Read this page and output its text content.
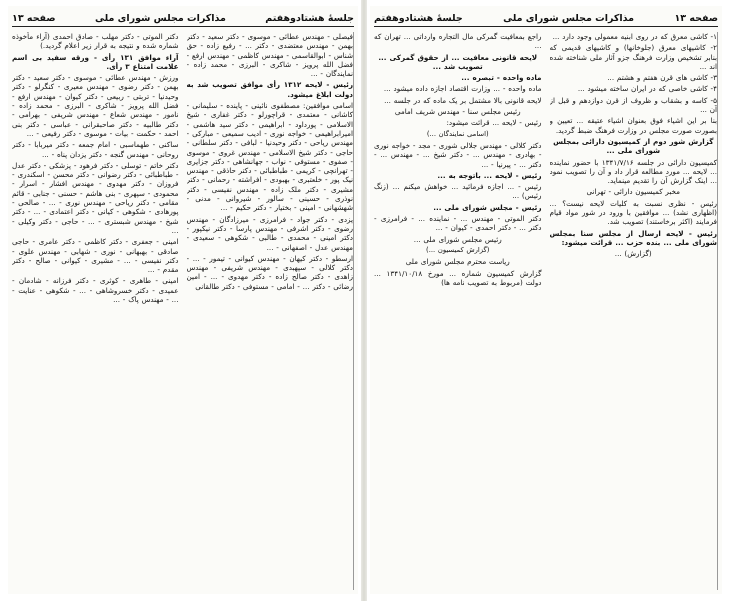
جلسهٔ هشتادوهفتم
مذاکرات مجلس شورای ملی
صفحه ۱۳

فیصلی - مهندس عطائی - موسوی - دکتر سعید - دکتر بهمن - مهندس معتضدی - دکتر ... - رفیع زاده - حق شناس - ابوالقاسمی - مهندس کاظمی - مهندس ارفع - فضل الله پرویز - شاکری - البرزی - محمد زاده - نمایندگان - ...

رئیس - لایحه ۱۳۱۲ رأی موافق تصویب شد به دولت ابلاغ میشود.

اسامی موافقین: مصطفوی نائینی - پاینده - سلیمانی - کاشانی - معتمدی - قراچورلو - دکتر غفاری - شیخ الاسلامی - پورداود - ابراهیمی - دکتر سید هاشمی - امیرابراهیمی - خواجه نوری - ادیب سمیعی - مبارکی - مهندس ریاحی - دکتر وحیدنیا - لبافی - دکتر سلطانی - حاجی - دکتر شیخ الاسلامی - مهندس غروی - موسوی - صفوی - مستوفی - نواب - جهانشاهی - دکتر جزایری - تهرانچی - کریمی - طباطبائی - دکتر حاذقی - مهندس نیک پور - خلعتبری - بهبودی - افراشته - رحمانی - دکتر مشیری - دکتر ملک زاده - مهندس نفیسی - دکتر نوذری - حسینی - سالور - شیروانی - مدنی - شهشهانی - امینی - بختیار - دکتر حکیم - ...

یزدی - دکتر جواد - فرامرزی - میرزادگان - مهندس رضوی - دکتر اشرفی - مهندس پارسا - دکتر نیکپور - دکتر امینی - محمدی - طالبی - شکوهی - سعیدی - مهندس عدل - اصفهانی - ...

ارسطو - دکتر کیهان - مهندس کیوانی - تیمور - ... - دکتر کلالی - سپهبدی - مهندس شریفی - مهندس زاهدی - دکتر صالح زاده - دکتر مهدوی - ... - امین رضائی - دکتر ... - امامی - مستوفی - دکتر طالقانی

دکتر الموتی - دکتر مهلب - صادق احمدی (آراء مأخوذه شماره شده و نتیجه به قرار زیر اعلام گردید.)

آراء موافق ۱۳۱ رأی - ورقه سفید بی اسم علامت امتناع ۳ رأی.

ورزش - مهندس عطائی - موسوی - دکتر سعید - دکتر بهمن - دکتر رضوی - مهندس معیری - کنگرلو - دکتر وحیدنیا - تربتی - ربیعی - دکتر کیوان - مهندس ارفع - فضل الله پرویز - شاکری - البرزی - محمد زاده - نامور - مهندس شعاع - مهندس شریفی - بهرامی - دکتر طالبیه - دکتر صاحبقرانی - عباسی - دکتر بنی احمد - حکمت - بیات - موسوی - دکتر رفیعی - ...

ساکنی - طهماسبی - امام جمعه - دکتر میربابا - دکتر روحانی - مهندس گنجه - دکتر یزدان پناه - ...

دکتر خاتم - توسلی - دکتر فرهود - پزشکی - دکتر عدل - طباطبائی - دکتر رضوانی - دکتر محسن - اسکندری - فروزان - دکتر مهدوی - مهندس افشار - اسرار - محمودی - سپهری - بنی هاشم - حسنی - جنابی - قائم مقامی - دکتر ریاحی - مهندس نوری - ... - صالحی - پورهادی - شکوهی - کیانی - دکتر اعتمادی - ... - دکتر شیخ - مهندس شبستری - ... - حاجی - دکتر وکیلی - ...

امینی - جعفری - دکتر کاظمی - دکتر عامری - حاجی صادقی - بهبهانی - نوری - شهابی - مهندس علوی - دکتر نفیسی - ... - مشیری - کیوانی - صالح - دکتر مقدم - ...

امینی - طاهری - کوثری - دکتر فرزانه - شادمان - عمیدی - دکتر خسروشاهی - ... - شکوهی - عنایت - ... - مهندس پاک - ...

صفحه ۱۳
مذاکرات مجلس شورای ملی
جلسهٔ هشتادوهفتم

۱- کاشی معرق که در روی ابنیه معمولی وجود دارد ...

۲- کاشیهای معرق (جلوخانها) و کاشیهای قدیمی که بنابر تشخیص وزارت فرهنگ جزو آثار ملی شناخته شده اند ...

۳- کاشی های قرن هفتم و هشتم ...

۴- کاشی خاصی که در ایران ساخته میشود ...

۵- کاسه و بشقاب و ظروف از قرن دوازدهم و قبل از آن ...

بنا بر این اشیاء فوق بعنوان اشیاء عتیقه ... تعیین و بصورت صورت مجلس در وزارت فرهنگ ضبط گردید.

گزارش شور دوم از کمیسیون دارائی بمجلس شورای ملی ...

کمیسیون دارائی در جلسه ۱۳۴۱/۷/۱۶ با حضور نماینده ... لایحه ... مورد مطالعه قرار داد و آن را تصویب نمود ... اینک گزارش آن را تقدیم مینماید.

مخبر کمیسیون دارائی - تهرانی

رئیس - نظری نسبت به کلیات لایحه نیست؟ ... (اظهاری نشد) ... موافقین با ورود در شور مواد قیام فرمایند (اکثر برخاستند) تصویب شد.

رئیس - لایحه ارسال از مجلس سنا بمجلس شورای ملی ... بنده حزب ... قرائت میشود:

(گزارش) ...

راجع بمعافیت گمرکی مال التجاره وارداتی ... تهران که ...

لایحه قانونی معافیت ... از حقوق گمرکی ... تصویب شد ...

ماده واحده - تبصره ...

ماده واحده - ... وزارت اقتصاد اجازه داده میشود ...

لایحه قانونی بالا مشتمل بر یک ماده که در جلسه ...

رئیس مجلس سنا - مهندس شریف امامی

رئیس - لایحه ... قرائت میشود:

(اسامی نمایندگان ...)

دکتر کلالی - مهندس جلالی شوری - مجد - خواجه نوری - بهادری - مهندس ... - دکتر شیخ ... - مهندس ... - دکتر ... - پیرنیا - ...

رئیس - لایحه ... باتوجه به ...

رئیس - ... اجازه فرمائید ... خواهش میکنم ... (زنگ رئیس) ...

رئیس - مجلس شورای ملی ...

دکتر الموتی - مهندس ... - نماینده ... - فرامرزی - دکتر ... - دکتر احمدی - کیوان - ...

رئیس مجلس شورای ملی ...

(گزارش کمیسیون ...)

ریاست محترم مجلس شورای ملی

گزارش کمیسیون شماره ... مورخ ۱۳۴۱/۱۰/۱۸ ... دولت (مربوط به تصویب نامه ها)
